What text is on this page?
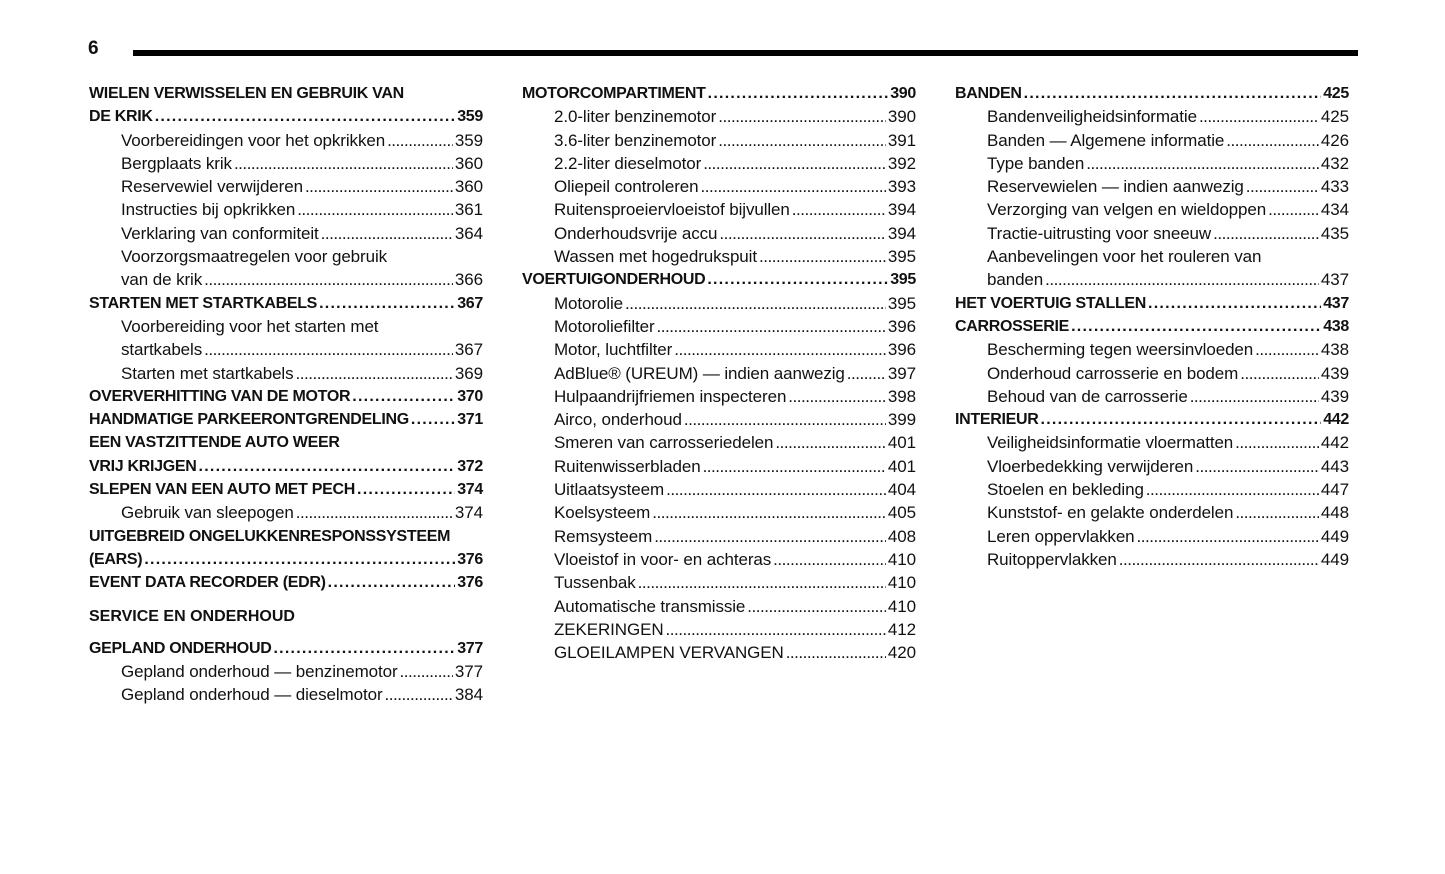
6
WIELEN VERWISSELEN EN GEBRUIK VAN
DE KRIK . . .	359
Voorbereidingen voor het opkrikken . . .	359
Bergplaats krik . . .	360
Reservewiel verwijderen . . .	360
Instructies bij opkrikken . . .	361
Verklaring van conformiteit . . .	364
Voorzorgsmaatregelen voor gebruik
van de krik . . .	366
STARTEN MET STARTKABELS . . .	367
Voorbereiding voor het starten met
startkabels . . .	367
Starten met startkabels . . .	369
OVERVERHITTING VAN DE MOTOR . . .	370
HANDMATIGE PARKEERONTGRENDELING . . .	371
EEN VASTZITTENDE AUTO WEER
VRIJ KRIJGEN . . .	372
SLEPEN VAN EEN AUTO MET PECH . . .	374
Gebruik van sleepogen . . .	374
UITGEBREID ONGELUKKENRESPONSSYSTEEM
(EARS) . . .	376
EVENT DATA RECORDER (EDR) . . .	376
SERVICE EN ONDERHOUD
GEPLAND ONDERHOUD . . .	377
Gepland onderhoud — benzinemotor . . .	377
Gepland onderhoud — dieselmotor . . .	384
MOTORCOMPARTIMENT . . .	390
2.0-liter benzinemotor . . .	390
3.6-liter benzinemotor . . .	391
2.2-liter dieselmotor . . .	392
Oliepeil controleren . . .	393
Ruitensproeiervloeistof bijvullen . . .	394
Onderhoudsvrije accu . . .	394
Wassen met hogedrukspuit . . .	395
VOERTUIGONDERHOUD . . .	395
Motorolie . . .	395
Motoroliefilter . . .	396
Motor, luchtfilter . . .	396
AdBlue® (UREUM) — indien aanwezig . . .	397
Hulpaandrijfriemen inspecteren . . .	398
Airco, onderhoud . . .	399
Smeren van carrosseriedelen . . .	401
Ruitenwisserbladen . . .	401
Uitlaatsysteem . . .	404
Koelsysteem . . .	405
Remsysteem . . .	408
Vloeistof in voor- en achteras . . .	410
Tussenbak . . .	410
Automatische transmissie . . .	410
ZEKERINGEN . . .	412
GLOEILAMPEN VERVANGEN . . .	420
BANDEN . . .	425
Bandenveiligheidsinformatie . . .	425
Banden — Algemene informatie . . .	426
Type banden . . .	432
Reservewielen — indien aanwezig . . .	433
Verzorging van velgen en wieldoppen . . .	434
Tractie-uitrusting voor sneeuw . . .	435
Aanbevelingen voor het rouleren van
banden . . .	437
HET VOERTUIG STALLEN . . .	437
CARROSSERIE . . .	438
Bescherming tegen weersinvloeden . . .	438
Onderhoud carrosserie en bodem . . .	439
Behoud van de carrosserie . . .	439
INTERIEUR . . .	442
Veiligheidsinformatie vloermatten . . .	442
Vloerbedekking verwijderen . . .	443
Stoelen en bekleding . . .	447
Kunststof- en gelakte onderdelen . . .	448
Leren oppervlakken . . .	449
Ruitoppervlakken . . .	449
